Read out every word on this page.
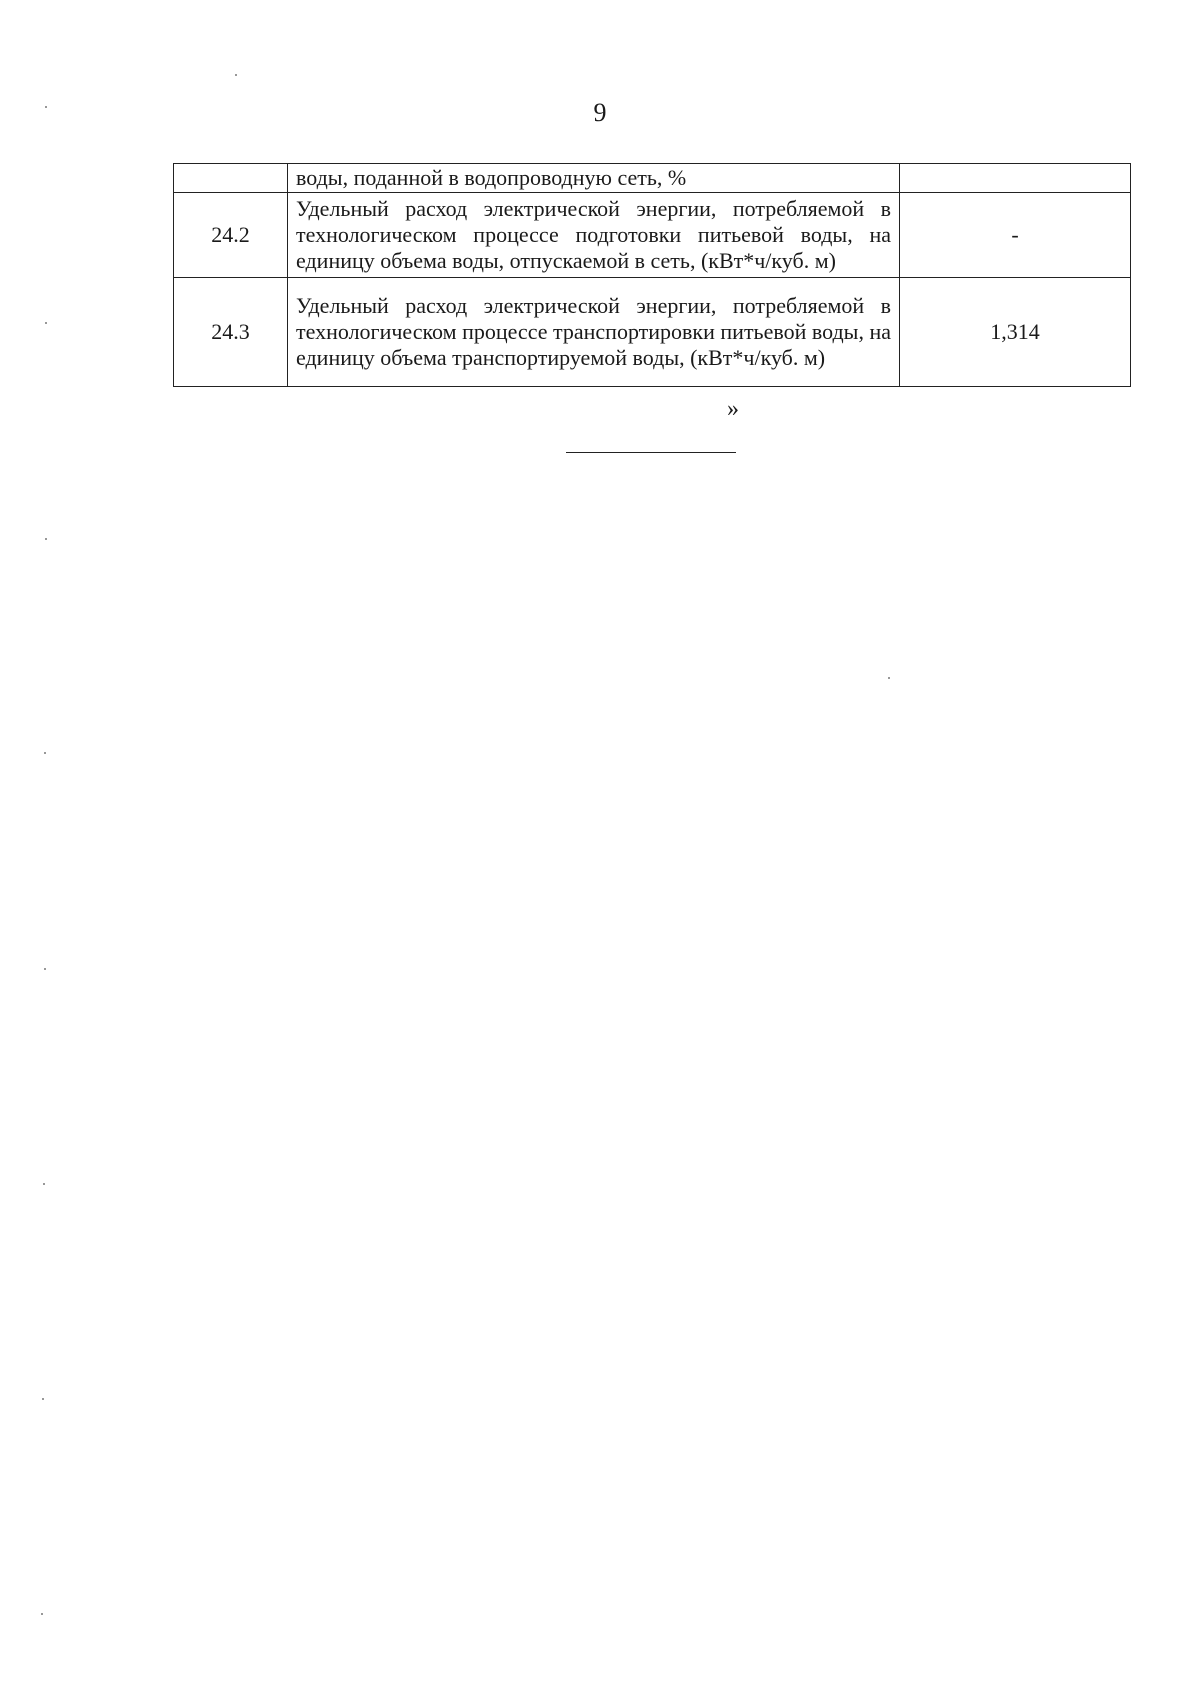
9
	воды, поданной в водопроводную сеть, %	
24.2	Удельный расход электрической энергии, потребляемой в технологическом процессе подготовки питьевой воды, на единицу объема воды, отпускаемой в сеть, (кВт*ч/куб. м)	-
24.3	Удельный расход электрической энергии, потребляемой в технологическом процессе транспортировки питьевой воды, на единицу объема транспортируемой воды, (кВт*ч/куб. м)	1,314
»
